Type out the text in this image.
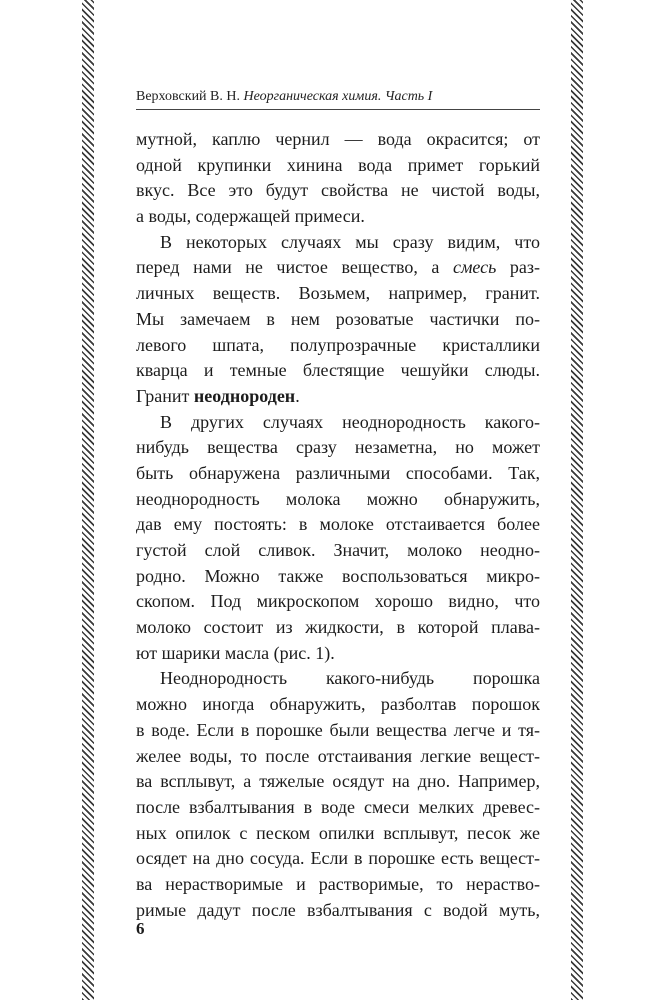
Верховский В. Н. Неорганическая химия. Часть I
мутной, каплю чернил — вода окрасится; от
одной крупинки хинина вода примет горький
вкус. Все это будут свойства не чистой воды,
а воды, содержащей примеси.
В некоторых случаях мы сразу видим, что
перед нами не чистое вещество, а смесь раз-
личных веществ. Возьмем, например, гранит.
Мы замечаем в нем розоватые частички по-
левого шпата, полупрозрачные кристаллики
кварца и темные блестящие чешуйки слюды.
Гранит неоднороден.
В других случаях неоднородность какого-
нибудь вещества сразу незаметна, но может
быть обнаружена различными способами. Так,
неоднородность молока можно обнаружить,
дав ему постоять: в молоке отстаивается более
густой слой сливок. Значит, молоко неодно-
родно. Можно также воспользоваться микро-
скопом. Под микроскопом хорошо видно, что
молоко состоит из жидкости, в которой плава-
ют шарики масла (рис. 1).
Неоднородность какого-нибудь порошка
можно иногда обнаружить, разболтав порошок
в воде. Если в порошке были вещества легче и тя-
желее воды, то после отстаивания легкие вещест-
ва всплывут, а тяжелые осядут на дно. Например,
после взбалтывания в воде смеси мелких древес-
ных опилок с песком опилки всплывут, песок же
осядет на дно сосуда. Если в порошке есть вещест-
ва нерастворимые и растворимые, то нераство-
римые дадут после взбалтывания с водой муть,
6
